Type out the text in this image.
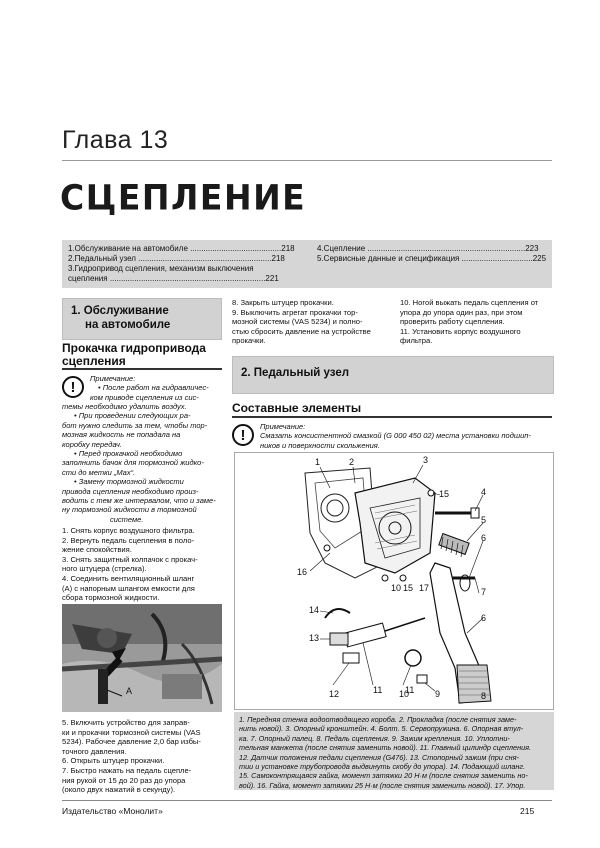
Глава 13
СЦЕПЛЕНИЕ
1.Обслуживание на автомобиле .........................................218
2.Педальный узел ............................................................218
3.Гидропривод сцепления, механизм выключения
сцепления ......................................................................221
4.Сцепление .......................................................................223
5.Сервисные данные и спецификация ................................225
1. Обслуживание
на автомобиле
Прокачка гидропривода
сцепления
!	Примечание:
• После работ на гидравличес-
ком приводе сцепления из сис-
темы необходимо удалить воздух.
• При проведении следующих ра-
бот нужно следить за тем, чтобы тор-
мозная жидкость не попадала на
коробку передач.
• Перед прокачкой необходимо
заполнить бачок для тормозной жидко-
сти до метки „Max“.
• Замену тормозной жидкости
привода сцепления необходимо произ-
водить с тем же интервалом, что и заме-
ну тормозной жидкости в тормозной
системе.
1. Снять корпус воздушного фильтра.
2. Вернуть педаль сцепления в поло-
жение спокойствия.
3. Снять защитный колпачок с прокач-
ного штуцера (стрелка).
4. Соединить вентиляционный шланг
(A) с напорным шлангом емкости для
сбора тормозной жидкости.
A
5. Включить устройство для заправ-
ки и прокачки тормозной системы (VAS
5234). Рабочее давление 2,0 бар избы-
точного давления.
6. Открыть штуцер прокачки.
7. Быстро нажать на педаль сцепле-
ния рукой от 15 до 20 раз до упора
(около двух нажатий в секунду).
8. Закрыть штуцер прокачки.
9. Выключить агрегат прокачки тор-
мозной системы (VAS 5234) и полно-
стью сбросить давление на устройстве
прокачки.
10. Ногой выжать педаль сцепления от
упора до упора один раз, при этом
проверить работу сцепления.
11. Установить корпус воздушного
фильтра.
2. Педальный узел
Составные элементы
!	Примечание:
Смазать консистентной смазкой (G 000 450 02) места установки подшип-
ников и поверхности скольжения.
1	2	3
15	4
5
6
16
10 15 17	7
14
6
13
11
12	11
10	9	8
1. Передняя стенка водоотводящего короба. 2. Прокладка (после снятия заме-
нить новой). 3. Опорный кронштейн. 4. Болт. 5. Сервопружина. 6. Опорная втул-
ка. 7. Опорный палец. 8. Педаль сцепления. 9. Зажим крепления. 10. Уплотни-
тельная манжета (после снятия заменить новой). 11. Главный цилиндр сцепления.
12. Датчик положения педали сцепления (G476). 13. Стопорный зажим (при сня-
тии и установке трубопровода выдвинуть скобу до упора). 14. Подающий шланг.
15. Самоконтрящаяся гайка, момент затяжки 20 Н·м (после снятия заменить но-
вой). 16. Гайка, момент затяжки 25 Н·м (после снятия заменить новой). 17. Упор.
Издательство «Монолит»	215
